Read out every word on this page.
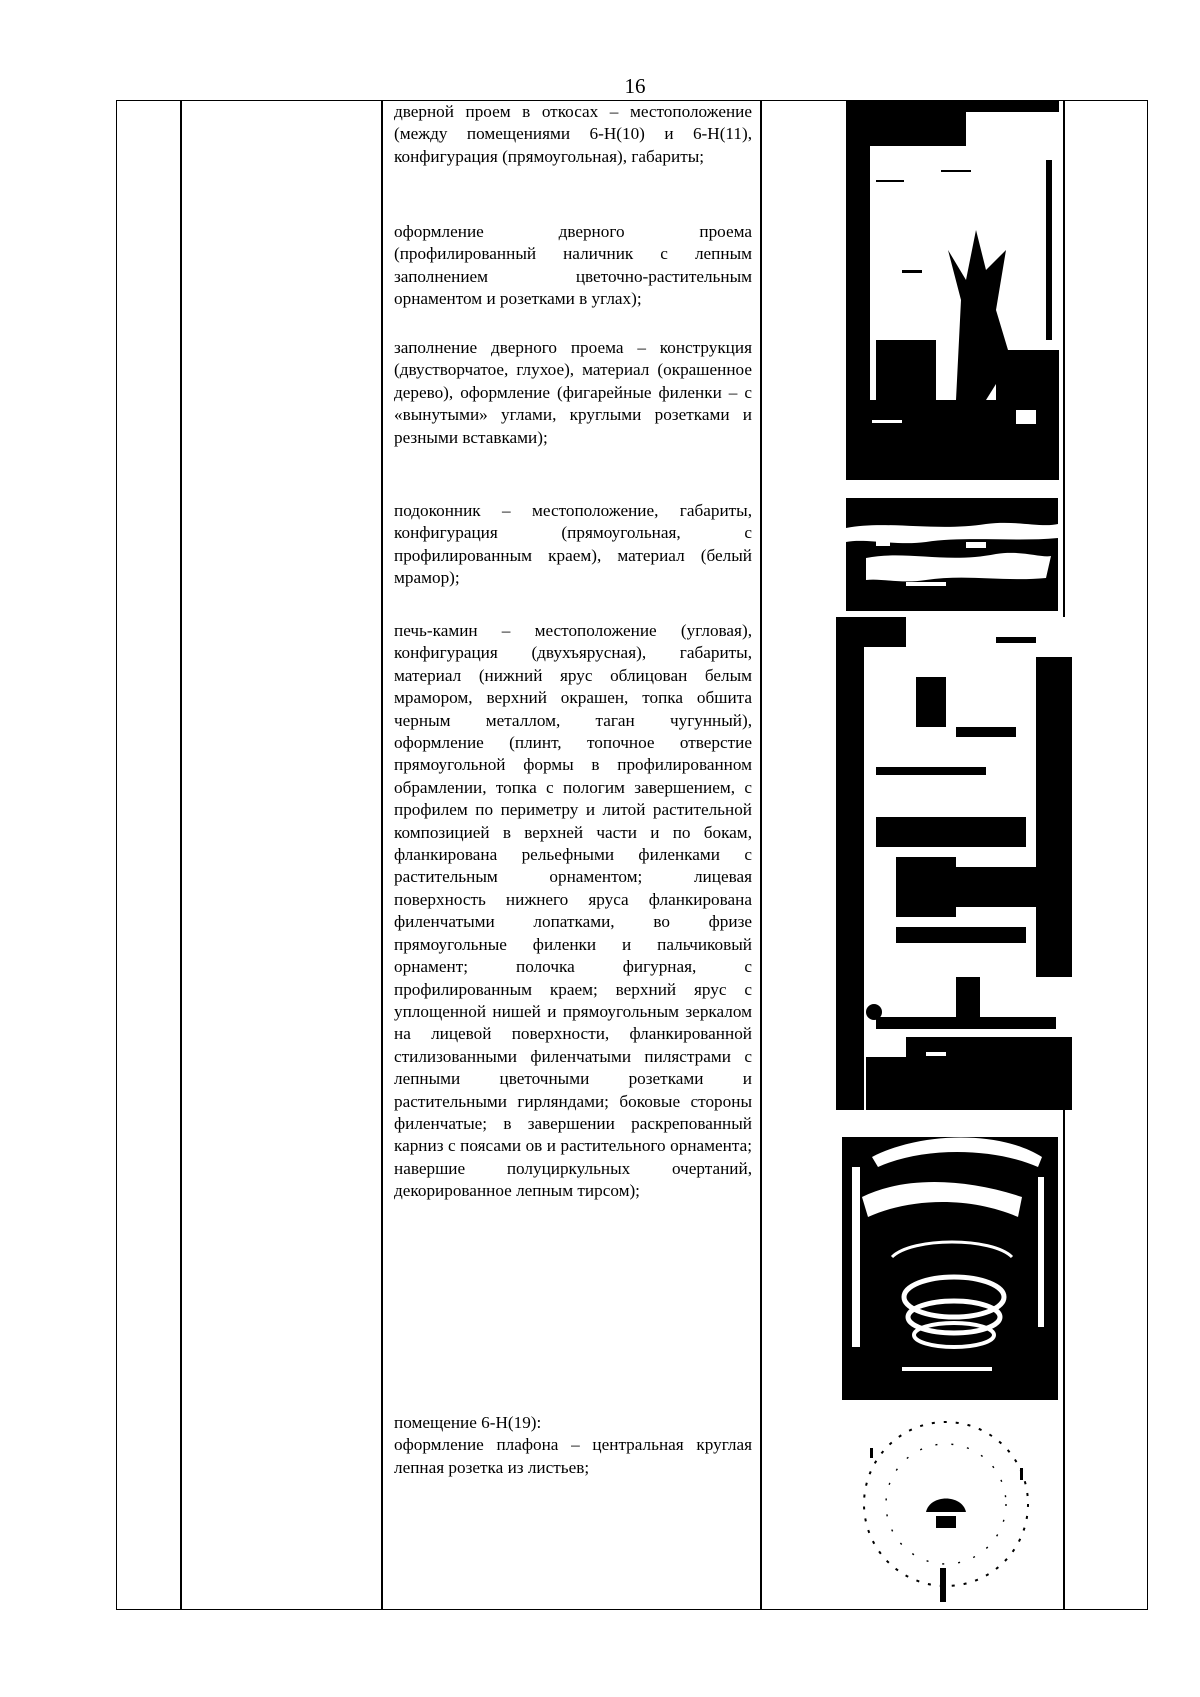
16

дверной проем в откосах – местоположение (между помещениями 6-Н(10) и 6-Н(11), конфигурация (прямоугольная), габариты;

оформление дверного проема (профилированный наличник с лепным заполнением цветочно-растительным орнаментом и розетками в углах);

заполнение дверного проема – конструкция (двустворчатое, глухое), материал (окрашенное дерево), оформление (фигарейные филенки – с «вынутыми» углами, круглыми розетками и резными вставками);

подоконник – местоположение, габариты, конфигурация (прямоугольная, с профилированным краем), материал (белый мрамор);

печь-камин – местоположение (угловая), конфигурация (двухъярусная), габариты, материал (нижний ярус облицован белым мрамором, верхний окрашен, топка обшита черным металлом, таган чугунный), оформление (плинт, топочное отверстие прямоугольной формы в профилированном обрамлении, топка с пологим завершением, с профилем по периметру и литой растительной композицией в верхней части и по бокам, фланкирована рельефными филенками с растительным орнаментом; лицевая поверхность нижнего яруса фланкирована филенчатыми лопатками, во фризе прямоугольные филенки и пальчиковый орнамент; полочка фигурная, с профилированным краем; верхний ярус с уплощенной нишей и прямоугольным зеркалом на лицевой поверхности, фланкированной стилизованными филенчатыми пилястрами с лепными цветочными розетками и растительными гирляндами; боковые стороны филенчатые; в завершении раскрепованный карниз с поясами ов и растительного орнамента; навершие полуциркульных очертаний, декорированное лепным тирсом);

помещение 6-Н(19):

оформление плафона – центральная круглая лепная розетка из листьев;
